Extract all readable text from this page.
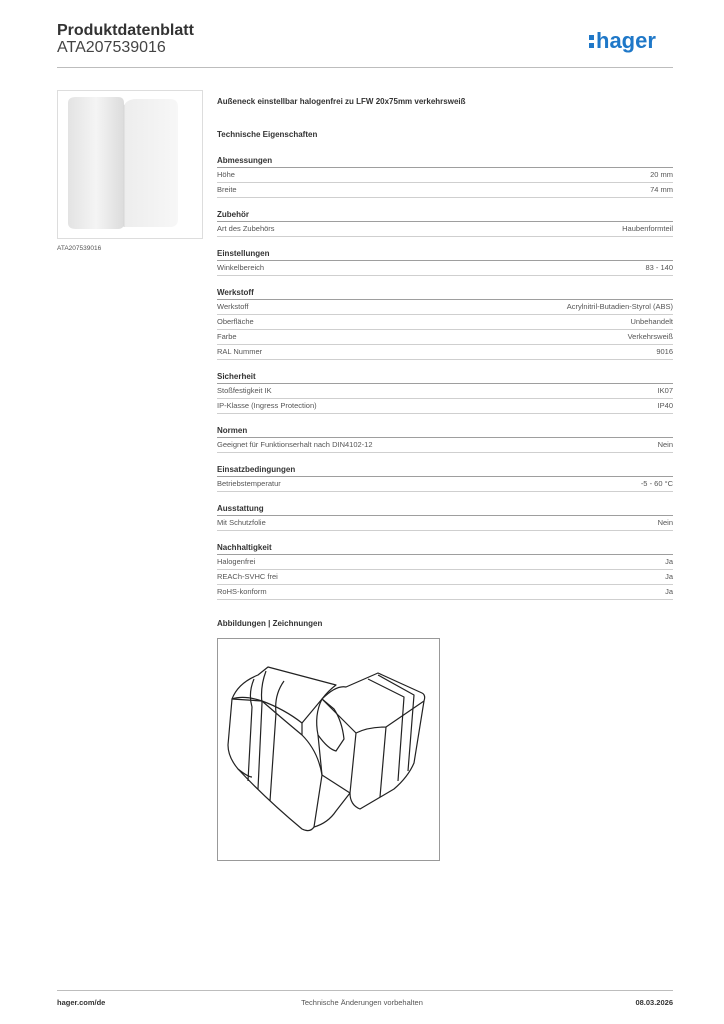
Produktdatenblatt
ATA207539016	hager
ATA207539016
Außeneck einstellbar halogenfrei zu LFW 20x75mm verkehrsweiß
Technische Eigenschaften
Abmessungen
Höhe	20 mm
Breite	74 mm
Zubehör
Art des Zubehörs	Haubenformteil
Einstellungen
Winkelbereich	83 - 140
Werkstoff
Werkstoff	Acrylnitril-Butadien-Styrol (ABS)
Oberfläche	Unbehandelt
Farbe	Verkehrsweiß
RAL Nummer	9016
Sicherheit
Stoßfestigkeit IK	IK07
IP-Klasse (Ingress Protection)	IP40
Normen
Geeignet für Funktionserhalt nach DIN4102-12	Nein
Einsatzbedingungen
Betriebstemperatur	-5 - 60 °C
Ausstattung
Mit Schutzfolie	Nein
Nachhaltigkeit
Halogenfrei	Ja
REACh-SVHC frei	Ja
RoHS-konform	Ja
Abbildungen | Zeichnungen
hager.com/de	Technische Änderungen vorbehalten	08.03.2026
